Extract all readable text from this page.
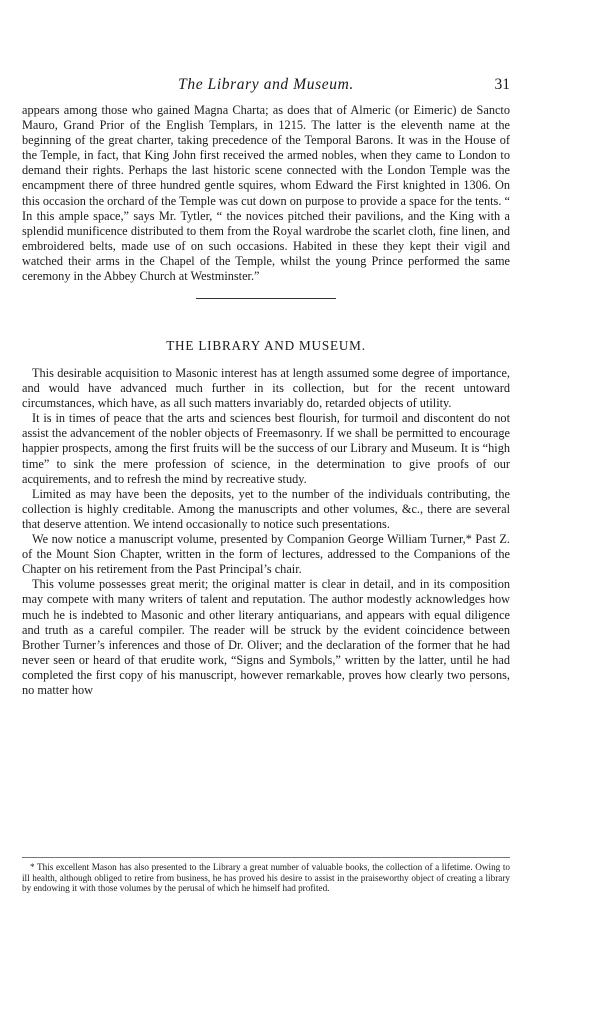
The Library and Museum.	31

appears among those who gained Magna Charta; as does that of Almeric (or Eimeric) de Sancto Mauro, Grand Prior of the English Templars, in 1215. The latter is the eleventh name at the beginning of the great charter, taking precedence of the Temporal Barons. It was in the House of the Temple, in fact, that King John first received the armed nobles, when they came to London to demand their rights. Perhaps the last historic scene connected with the London Temple was the encampment there of three hundred gentle squires, whom Edward the First knighted in 1306. On this occasion the orchard of the Temple was cut down on purpose to provide a space for the tents. “ In this ample space,” says Mr. Tytler, “ the novices pitched their pavilions, and the King with a splendid munificence distributed to them from the Royal wardrobe the scarlet cloth, fine linen, and embroidered belts, made use of on such occasions. Habited in these they kept their vigil and watched their arms in the Chapel of the Temple, whilst the young Prince performed the same ceremony in the Abbey Church at Westminster.”

THE LIBRARY AND MUSEUM.

This desirable acquisition to Masonic interest has at length assumed some degree of importance, and would have advanced much further in its collection, but for the recent untoward circumstances, which have, as all such matters invariably do, retarded objects of utility.

It is in times of peace that the arts and sciences best flourish, for turmoil and discontent do not assist the advancement of the nobler objects of Freemasonry. If we shall be permitted to encourage happier prospects, among the first fruits will be the success of our Library and Museum. It is “high time” to sink the mere profession of science, in the determination to give proofs of our acquirements, and to refresh the mind by recreative study.

Limited as may have been the deposits, yet to the number of the individuals contributing, the collection is highly creditable. Among the manuscripts and other volumes, &c., there are several that deserve attention. We intend occasionally to notice such presentations.

We now notice a manuscript volume, presented by Companion George William Turner,* Past Z. of the Mount Sion Chapter, written in the form of lectures, addressed to the Companions of the Chapter on his retirement from the Past Principal’s chair.

This volume possesses great merit; the original matter is clear in detail, and in its composition may compete with many writers of talent and reputation. The author modestly acknowledges how much he is indebted to Masonic and other literary antiquarians, and appears with equal diligence and truth as a careful compiler. The reader will be struck by the evident coincidence between Brother Turner’s inferences and those of Dr. Oliver; and the declaration of the former that he had never seen or heard of that erudite work, “Signs and Symbols,” written by the latter, until he had completed the first copy of his manuscript, however remarkable, proves how clearly two persons, no matter how

* This excellent Mason has also presented to the Library a great number of valuable books, the collection of a lifetime. Owing to ill health, although obliged to retire from business, he has proved his desire to assist in the praiseworthy object of creating a library by endowing it with those volumes by the perusal of which he himself had profited.
